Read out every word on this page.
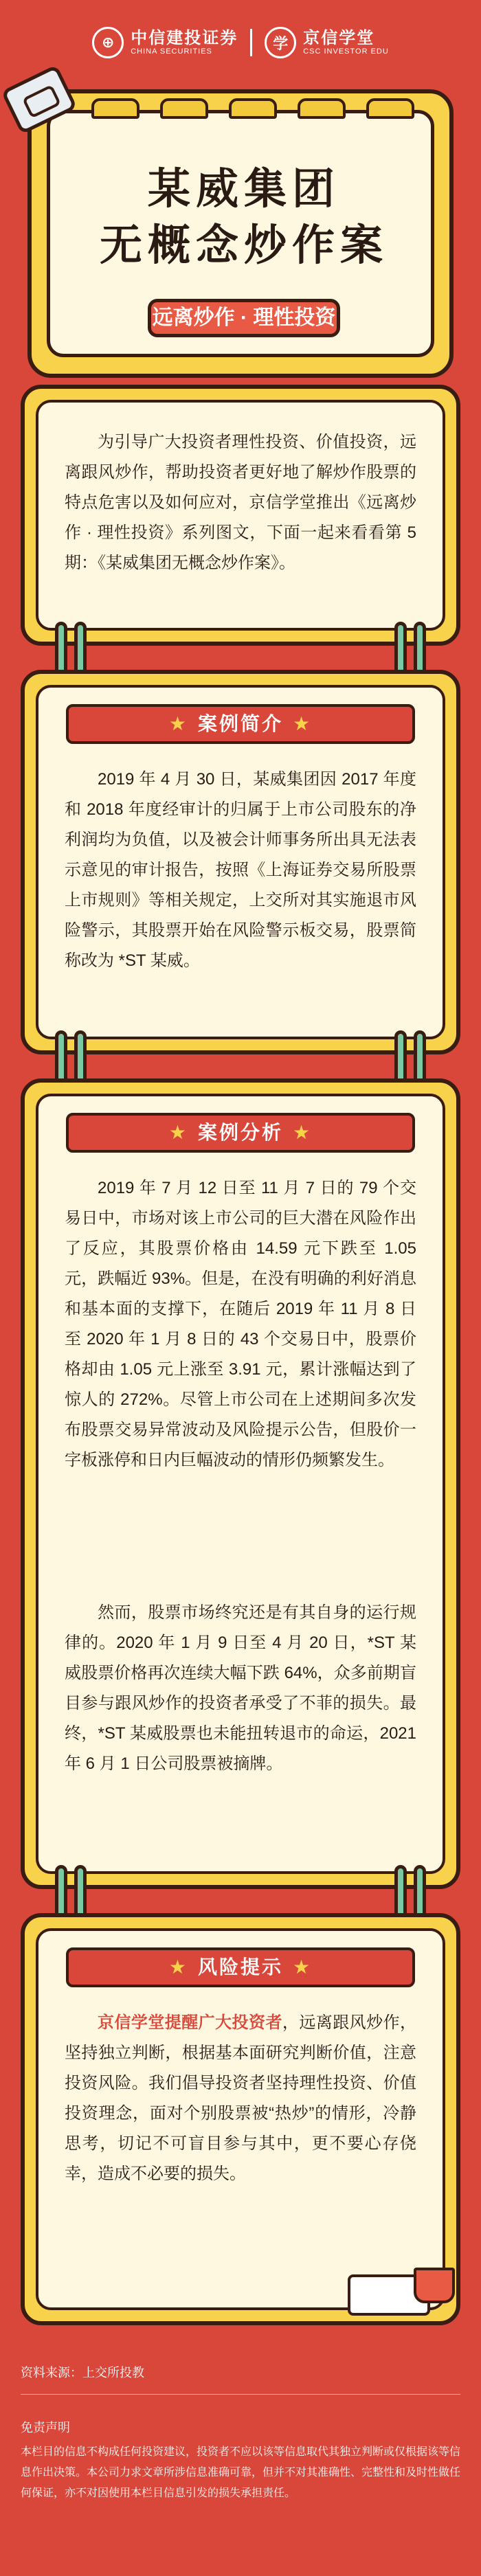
⊕ 中信建投证券
CHINA SECURITIES	学 京信学堂
CSC INVESTOR EDU
某威集团
无概念炒作案
远离炒作 · 理性投资

为引导广大投资者理性投资、价值投资，远离跟风炒作，帮助投资者更好地了解炒作股票的特点危害以及如何应对，京信学堂推出《远离炒作 · 理性投资》系列图文，下面一起来看看第 5 期：《某威集团无概念炒作案》。

★ 案例简介 ★

2019 年 4 月 30 日，某威集团因 2017 年度和 2018 年度经审计的归属于上市公司股东的净利润均为负值，以及被会计师事务所出具无法表示意见的审计报告，按照《上海证券交易所股票上市规则》等相关规定，上交所对其实施退市风险警示，其股票开始在风险警示板交易，股票简称改为 *ST 某威。

★ 案例分析 ★

2019 年 7 月 12 日至 11 月 7 日的 79 个交易日中，市场对该上市公司的巨大潜在风险作出了反应，其股票价格由 14.59 元下跌至 1.05 元，跌幅近 93%。但是，在没有明确的利好消息和基本面的支撑下，在随后 2019 年 11 月 8 日至 2020 年 1 月 8 日的 43 个交易日中，股票价格却由 1.05 元上涨至 3.91 元，累计涨幅达到了惊人的 272%。尽管上市公司在上述期间多次发布股票交易异常波动及风险提示公告，但股价一字板涨停和日内巨幅波动的情形仍频繁发生。

然而，股票市场终究还是有其自身的运行规律的。2020 年 1 月 9 日至 4 月 20 日，*ST 某威股票价格再次连续大幅下跌 64%，众多前期盲目参与跟风炒作的投资者承受了不菲的损失。最终，*ST 某威股票也未能扭转退市的命运，2021 年 6 月 1 日公司股票被摘牌。

★ 风险提示 ★

京信学堂提醒广大投资者，远离跟风炒作，坚持独立判断，根据基本面研究判断价值，注意投资风险。我们倡导投资者坚持理性投资、价值投资理念，面对个别股票被“热炒”的情形，冷静思考，切记不可盲目参与其中，更不要心存侥幸，造成不必要的损失。

资料来源：上交所投教
免责声明

本栏目的信息不构成任何投资建议，投资者不应以该等信息取代其独立判断或仅根据该等信息作出决策。本公司力求文章所涉信息准确可靠，但并不对其准确性、完整性和及时性做任何保证，亦不对因使用本栏目信息引发的损失承担责任。
